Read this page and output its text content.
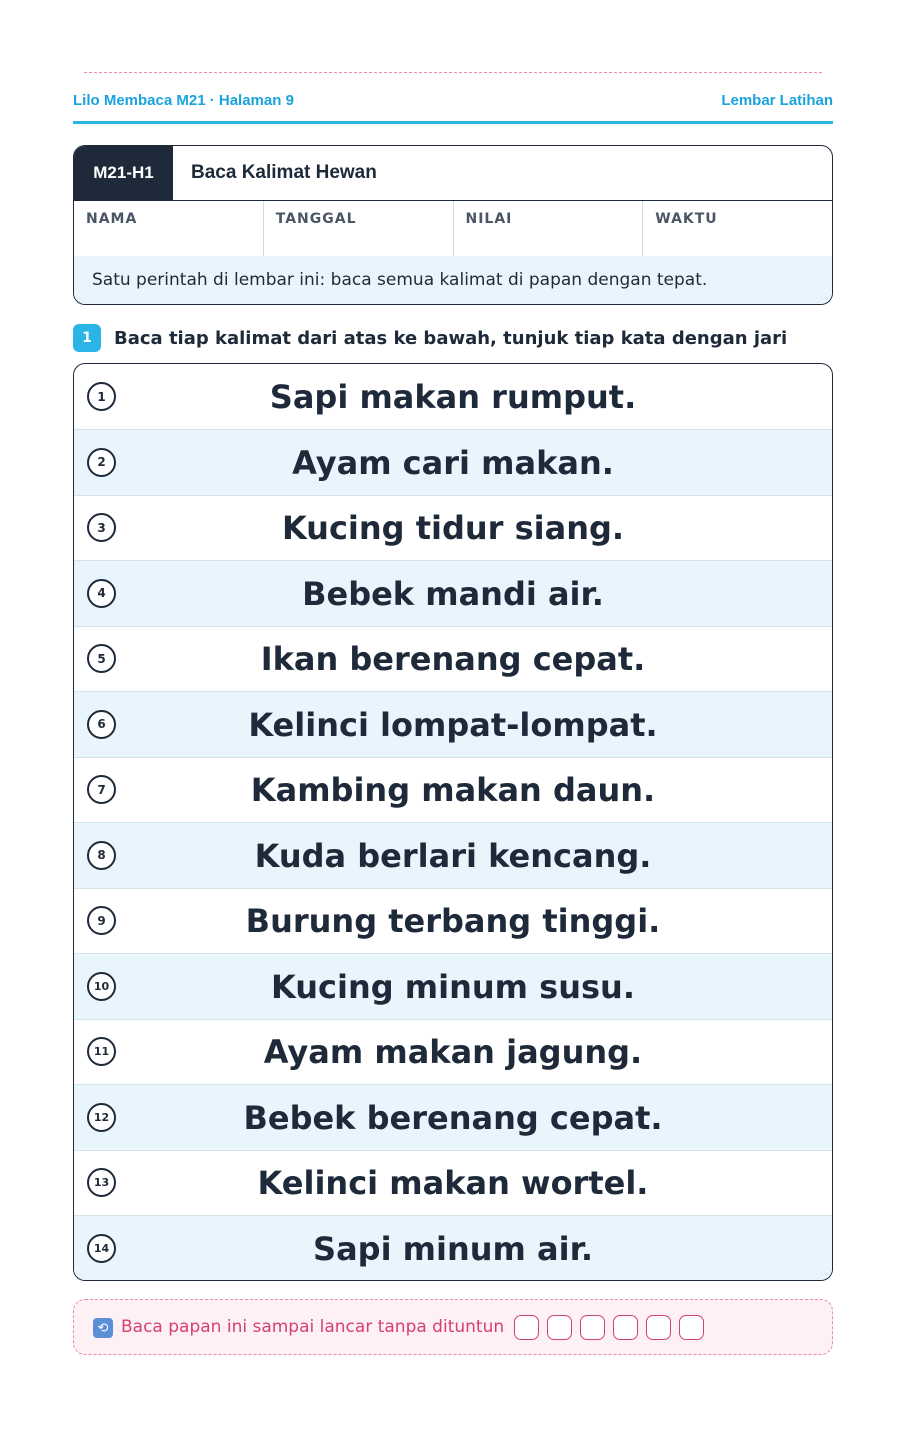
Lilo Membaca M21 · Halaman 9	Lembar Latihan
M21-H1	Baca Kalimat Hewan
NAMA	TANGGAL	NILAI	WAKTU
Satu perintah di lembar ini: baca semua kalimat di papan dengan tepat.
1	Baca tiap kalimat dari atas ke bawah, tunjuk tiap kata dengan jari
1	Sapi makan rumput.
2	Ayam cari makan.
3	Kucing tidur siang.
4	Bebek mandi air.
5	Ikan berenang cepat.
6	Kelinci lompat-lompat.
7	Kambing makan daun.
8	Kuda berlari kencang.
9	Burung terbang tinggi.
10	Kucing minum susu.
11	Ayam makan jagung.
12	Bebek berenang cepat.
13	Kelinci makan wortel.
14	Sapi minum air.
⟲ Baca papan ini sampai lancar tanpa dituntun
